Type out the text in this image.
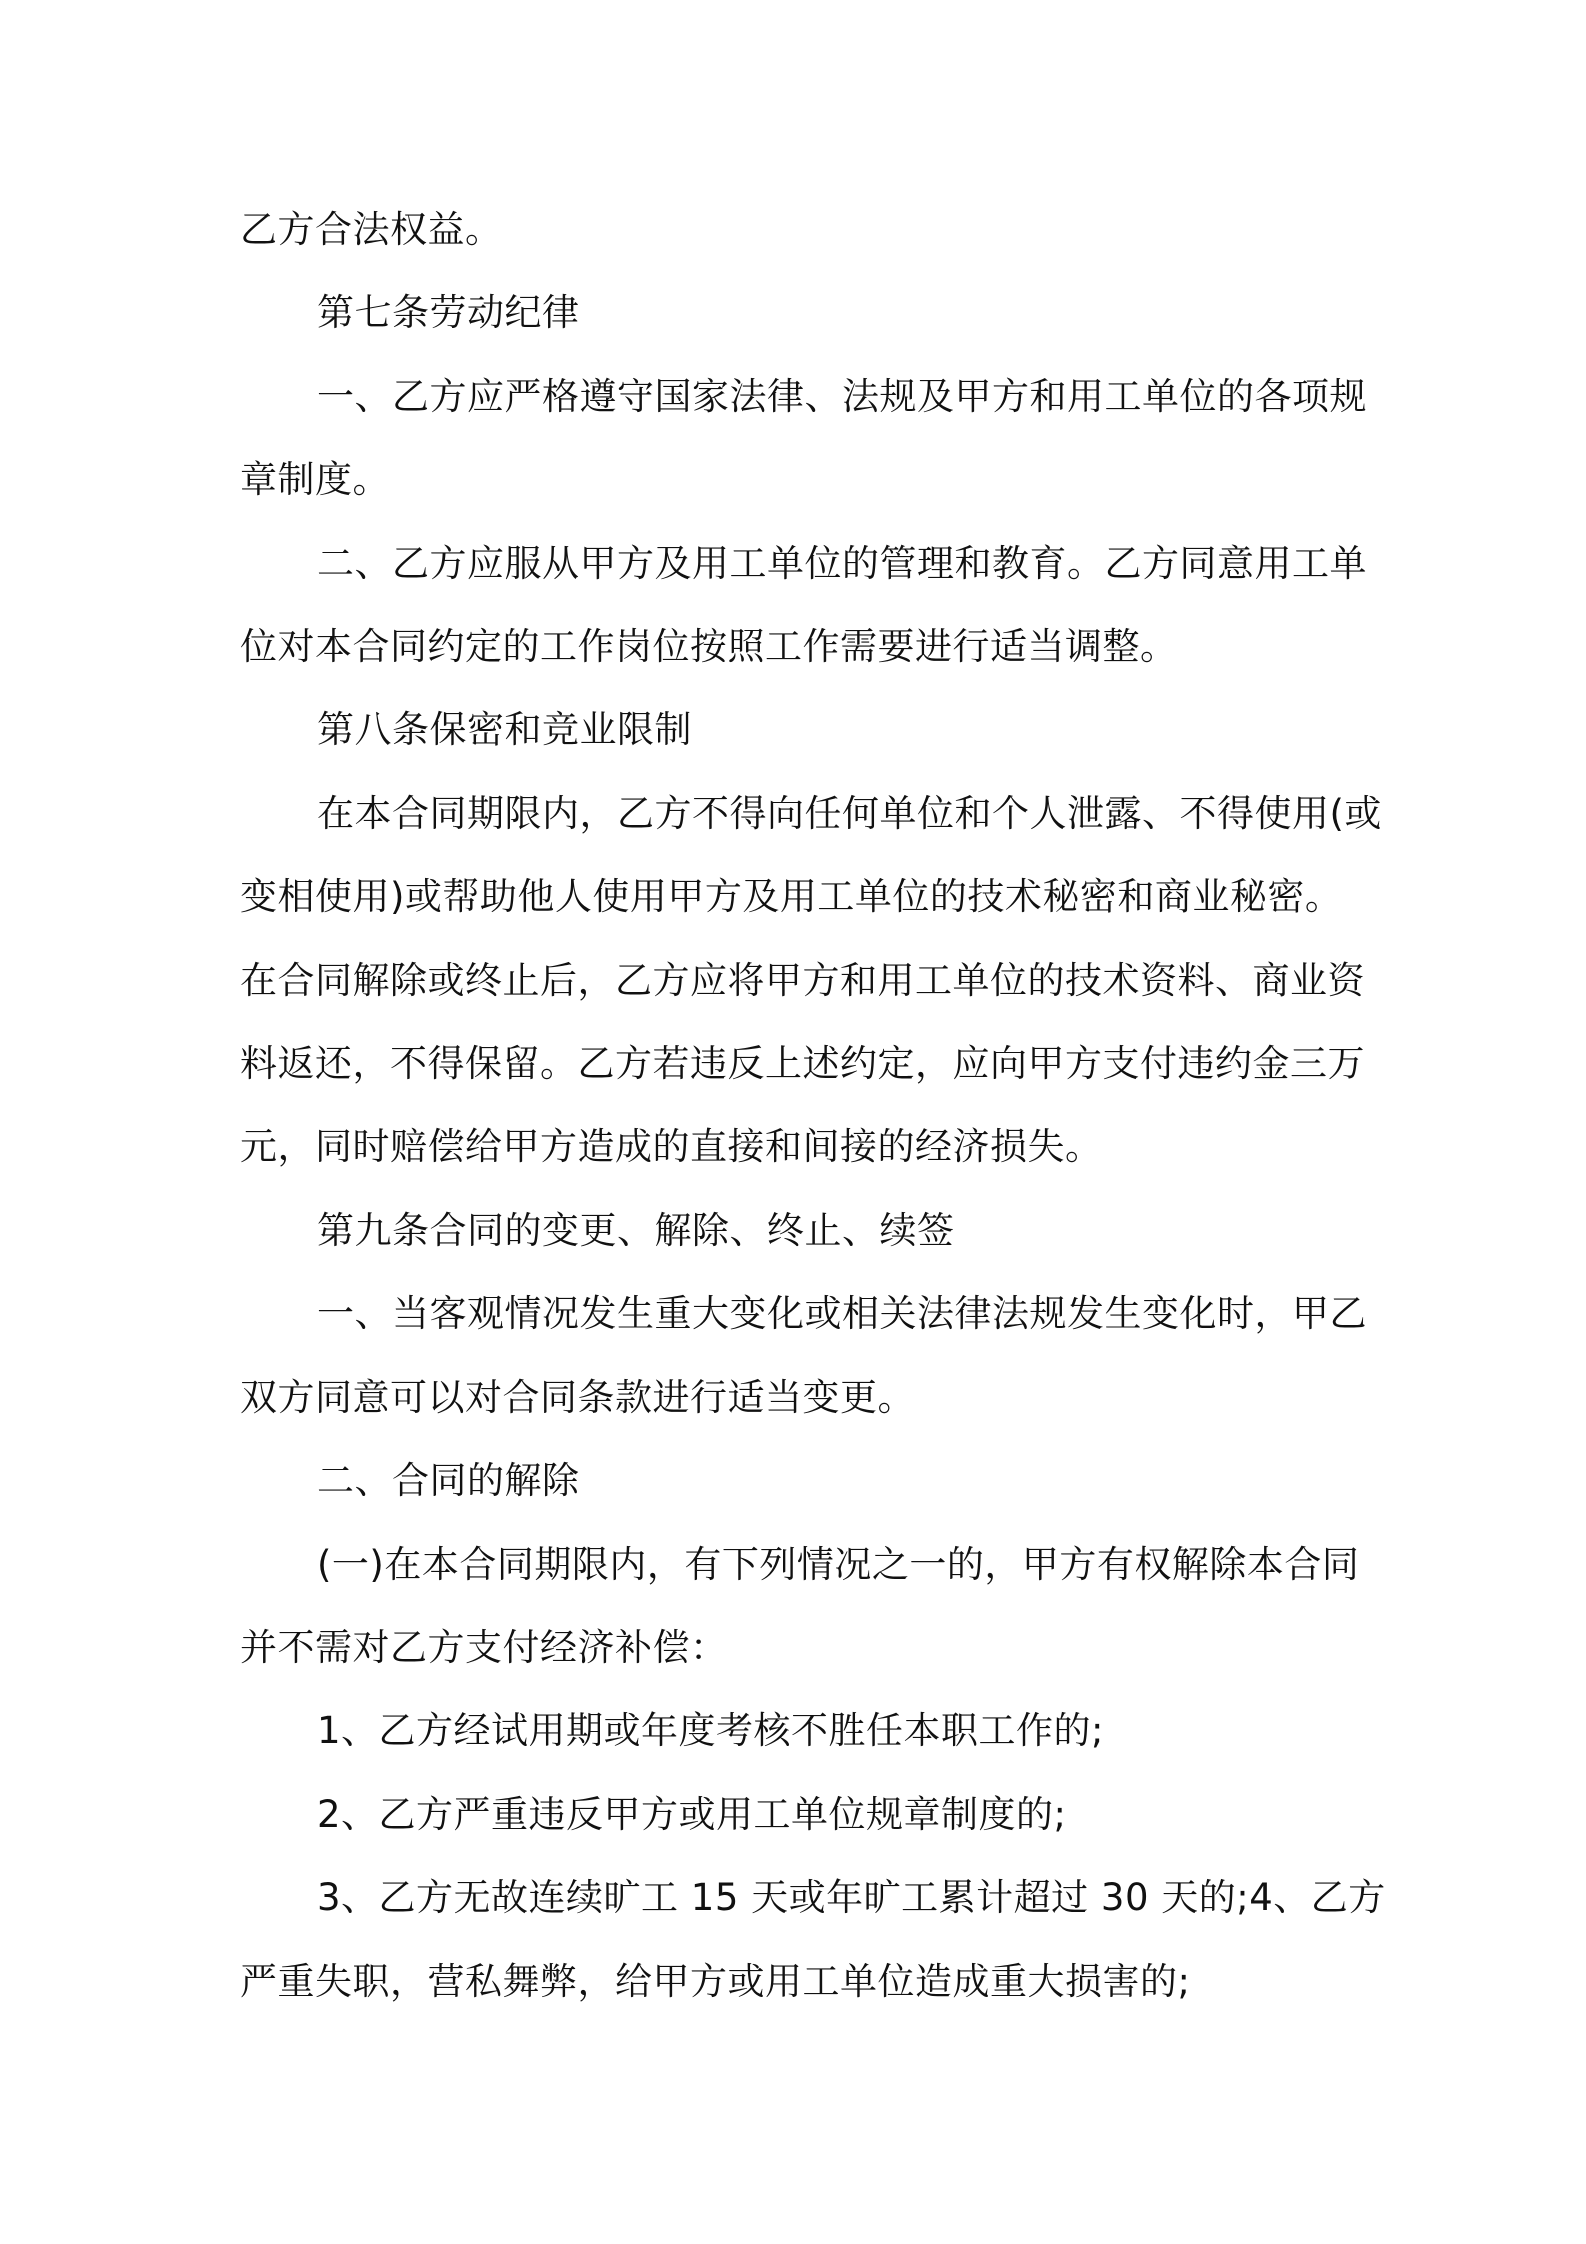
乙方合法权益。
第七条劳动纪律
一、乙方应严格遵守国家法律、法规及甲方和用工单位的各项规
章制度。
二、乙方应服从甲方及用工单位的管理和教育。乙方同意用工单
位对本合同约定的工作岗位按照工作需要进行适当调整。
第八条保密和竞业限制
在本合同期限内，乙方不得向任何单位和个人泄露、不得使用(或
变相使用)或帮助他人使用甲方及用工单位的技术秘密和商业秘密。
在合同解除或终止后，乙方应将甲方和用工单位的技术资料、商业资
料返还，不得保留。乙方若违反上述约定，应向甲方支付违约金三万
元，同时赔偿给甲方造成的直接和间接的经济损失。
第九条合同的变更、解除、终止、续签
一、当客观情况发生重大变化或相关法律法规发生变化时，甲乙
双方同意可以对合同条款进行适当变更。
二、合同的解除
(一)在本合同期限内，有下列情况之一的，甲方有权解除本合同
并不需对乙方支付经济补偿：
1、乙方经试用期或年度考核不胜任本职工作的;
2、乙方严重违反甲方或用工单位规章制度的;
3、乙方无故连续旷工 15 天或年旷工累计超过 30 天的;4、乙方
严重失职，营私舞弊，给甲方或用工单位造成重大损害的;
